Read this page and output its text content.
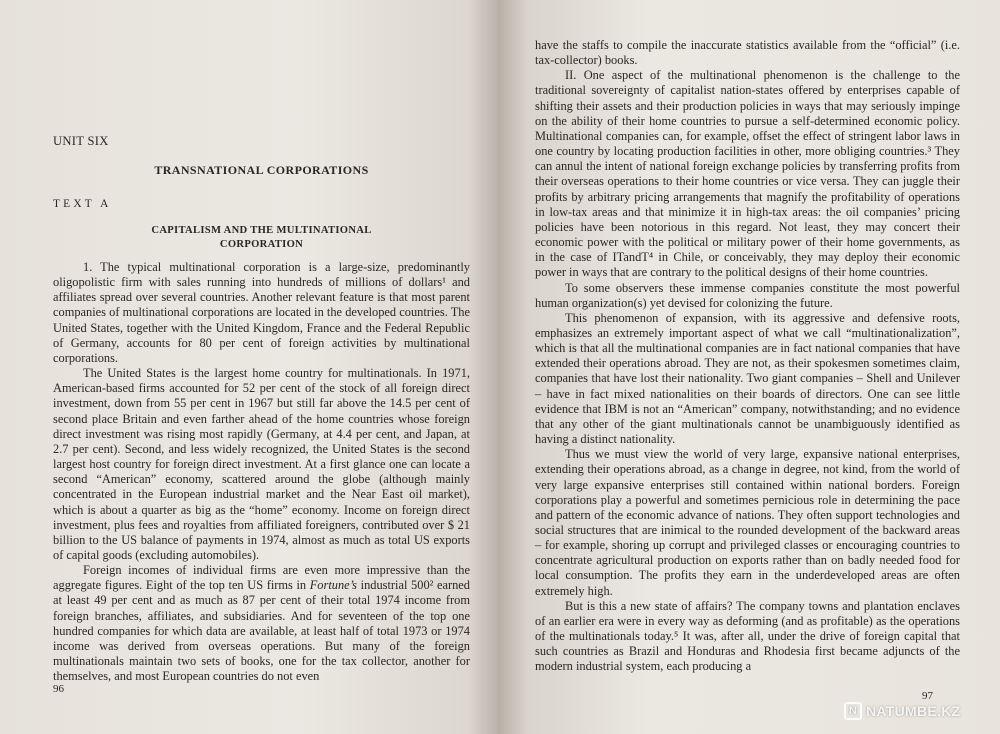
UNIT SIX

TRANSNATIONAL CORPORATIONS

TEXT A

CAPITALISM AND THE MULTINATIONAL
CORPORATION

1. The typical multinational corporation is a large-size, predominantly oligopolistic firm with sales running into hundreds of millions of dollars¹ and affiliates spread over several countries. Another relevant feature is that most parent companies of multinational corporations are located in the developed countries. The United States, together with the United Kingdom, France and the Federal Republic of Germany, accounts for 80 per cent of foreign activities by multinational corporations.

The United States is the largest home country for multinationals. In 1971, American-based firms accounted for 52 per cent of the stock of all foreign direct investment, down from 55 per cent in 1967 but still far above the 14.5 per cent of second place Britain and even farther ahead of the home countries whose foreign direct investment was rising most rapidly (Germany, at 4.4 per cent, and Japan, at 2.7 per cent). Second, and less widely recognized, the United States is the second largest host country for foreign direct investment. At a first glance one can locate a second “American” economy, scattered around the globe (although mainly concentrated in the European industrial market and the Near East oil market), which is about a quarter as big as the “home” economy. Income on foreign direct investment, plus fees and royalties from affiliated foreigners, contributed over $ 21 billion to the US balance of payments in 1974, almost as much as total US exports of capital goods (excluding automobiles).

Foreign incomes of individual firms are even more impressive than the aggregate figures. Eight of the top ten US firms in Fortune’s industrial 500² earned at least 49 per cent and as much as 87 per cent of their total 1974 income from foreign branches, affiliates, and subsidiaries. And for seventeen of the top one hundred companies for which data are available, at least half of total 1973 or 1974 income was derived from overseas operations. But many of the foreign multinationals maintain two sets of books, one for the tax collector, another for themselves, and most European countries do not even

96

have the staffs to compile the inaccurate statistics available from the “official” (i.e. tax-collector) books.

II. One aspect of the multinational phenomenon is the challenge to the traditional sovereignty of capitalist nation-states offered by enterprises capable of shifting their assets and their production policies in ways that may seriously impinge on the ability of their home countries to pursue a self-determined economic policy. Multinational companies can, for example, offset the effect of stringent labor laws in one country by locating production facilities in other, more obliging countries.³ They can annul the intent of national foreign exchange policies by transferring profits from their overseas operations to their home countries or vice versa. They can juggle their profits by arbitrary pricing arrangements that magnify the profitability of operations in low-tax areas and that minimize it in high-tax areas: the oil companies’ pricing policies have been notorious in this regard. Not least, they may concert their economic power with the political or military power of their home governments, as in the case of ITandT⁴ in Chile, or conceivably, they may deploy their economic power in ways that are contrary to the political designs of their home countries.

To some observers these immense companies constitute the most powerful human organization(s) yet devised for colonizing the future.

This phenomenon of expansion, with its aggressive and defensive roots, emphasizes an extremely important aspect of what we call “multinationalization”, which is that all the multinational companies are in fact national companies that have extended their operations abroad. They are not, as their spokesmen sometimes claim, companies that have lost their nationality. Two giant companies – Shell and Unilever – have in fact mixed nationalities on their boards of directors. One can see little evidence that IBM is not an “American” company, notwithstanding; and no evidence that any other of the giant multinationals cannot be unambiguously identified as having a distinct nationality.

Thus we must view the world of very large, expansive national enterprises, extending their operations abroad, as a change in degree, not kind, from the world of very large expansive enterprises still contained within national borders. Foreign corporations play a powerful and sometimes pernicious role in determining the pace and pattern of the economic advance of nations. They often support technologies and social structures that are inimical to the rounded development of the backward areas – for example, shoring up corrupt and privileged classes or encouraging countries to concentrate agricultural production on exports rather than on badly needed food for local consumption. The profits they earn in the underdeveloped areas are often extremely high.

But is this a new state of affairs? The company towns and plantation enclaves of an earlier era were in every way as deforming (and as profitable) as the operations of the multinationals today.⁵ It was, after all, under the drive of foreign capital that such countries as Brazil and Honduras and Rhodesia first became adjuncts of the modern industrial system, each producing a

97
N NATUMBE.KZ
